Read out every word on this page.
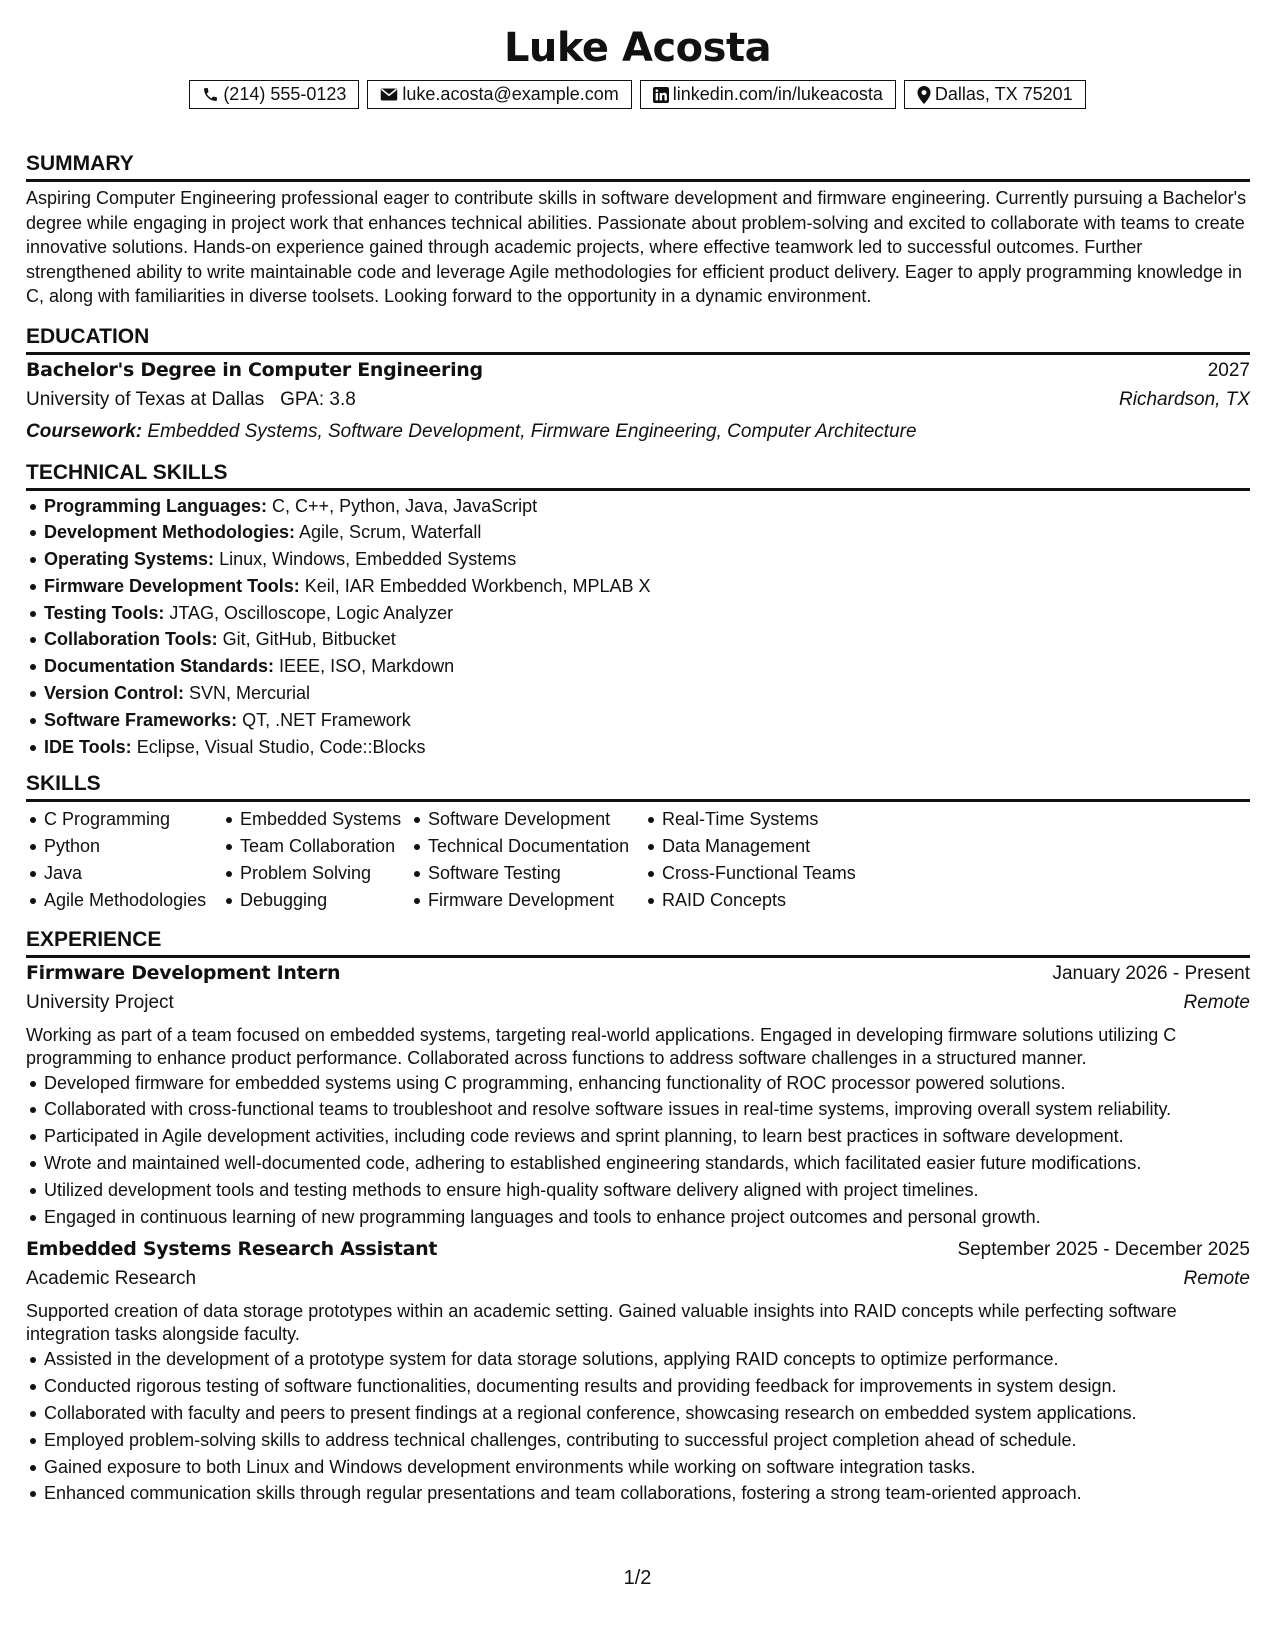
Luke Acosta
(214) 555-0123	luke.acosta@example.com	linkedin.com/in/lukeacosta	Dallas, TX 75201
SUMMARY

Aspiring Computer Engineering professional eager to contribute skills in software development and firmware engineering. Currently pursuing a Bachelor's degree while engaging in project work that enhances technical abilities. Passionate about problem-solving and excited to collaborate with teams to create innovative solutions. Hands-on experience gained through academic projects, where effective teamwork led to successful outcomes. Further strengthened ability to write maintainable code and leverage Agile methodologies for efficient product delivery. Eager to apply programming knowledge in C, along with familiarities in diverse toolsets. Looking forward to the opportunity in a dynamic environment.

EDUCATION
Bachelor's Degree in Computer Engineering	2027
University of Texas at Dallas GPA: 3.8	Richardson, TX
Coursework: Embedded Systems, Software Development, Firmware Engineering, Computer Architecture
TECHNICAL SKILLS
Programming Languages: C, C++, Python, Java, JavaScript
Development Methodologies: Agile, Scrum, Waterfall
Operating Systems: Linux, Windows, Embedded Systems
Firmware Development Tools: Keil, IAR Embedded Workbench, MPLAB X
Testing Tools: JTAG, Oscilloscope, Logic Analyzer
Collaboration Tools: Git, GitHub, Bitbucket
Documentation Standards: IEEE, ISO, Markdown
Version Control: SVN, Mercurial
Software Frameworks: QT, .NET Framework
IDE Tools: Eclipse, Visual Studio, Code::Blocks
SKILLS
C Programming
Python
Java
Agile Methodologies
Embedded Systems
Team Collaboration
Problem Solving
Debugging
Software Development
Technical Documentation
Software Testing
Firmware Development
Real-Time Systems
Data Management
Cross-Functional Teams
RAID Concepts
EXPERIENCE
Firmware Development Intern	January 2026 - Present
University Project	Remote

Working as part of a team focused on embedded systems, targeting real-world applications. Engaged in developing firmware solutions utilizing C programming to enhance product performance. Collaborated across functions to address software challenges in a structured manner.

Developed firmware for embedded systems using C programming, enhancing functionality of ROC processor powered solutions.
Collaborated with cross-functional teams to troubleshoot and resolve software issues in real-time systems, improving overall system reliability.
Participated in Agile development activities, including code reviews and sprint planning, to learn best practices in software development.
Wrote and maintained well-documented code, adhering to established engineering standards, which facilitated easier future modifications.
Utilized development tools and testing methods to ensure high-quality software delivery aligned with project timelines.
Engaged in continuous learning of new programming languages and tools to enhance project outcomes and personal growth.
Embedded Systems Research Assistant	September 2025 - December 2025
Academic Research	Remote

Supported creation of data storage prototypes within an academic setting. Gained valuable insights into RAID concepts while perfecting software integration tasks alongside faculty.

Assisted in the development of a prototype system for data storage solutions, applying RAID concepts to optimize performance.
Conducted rigorous testing of software functionalities, documenting results and providing feedback for improvements in system design.
Collaborated with faculty and peers to present findings at a regional conference, showcasing research on embedded system applications.
Employed problem-solving skills to address technical challenges, contributing to successful project completion ahead of schedule.
Gained exposure to both Linux and Windows development environments while working on software integration tasks.
Enhanced communication skills through regular presentations and team collaborations, fostering a strong team-oriented approach.
1/2
